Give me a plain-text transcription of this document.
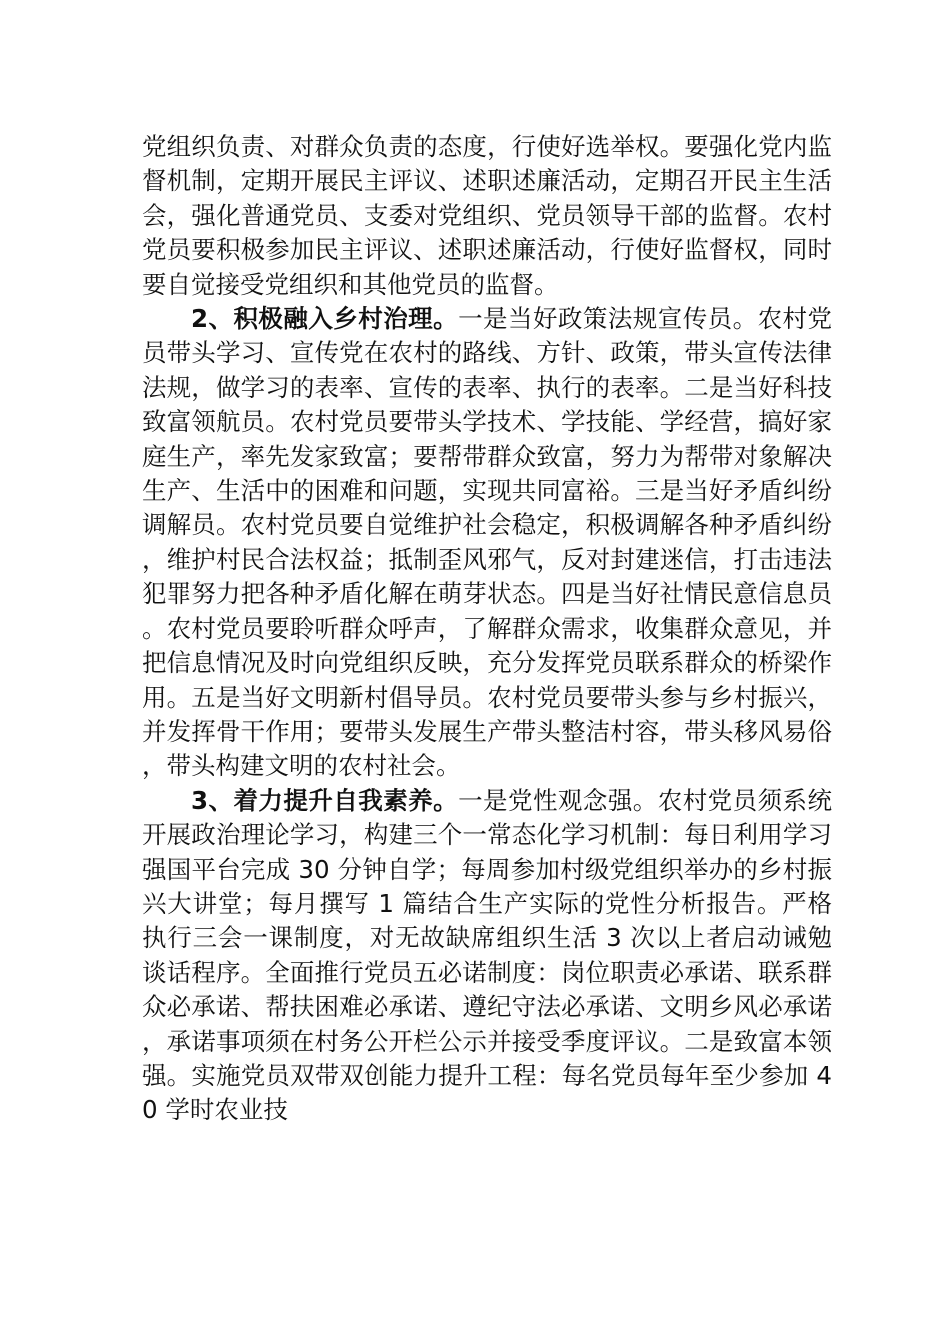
党组织负责、对群众负责的态度，行使好选举权。要强化党内监督机制，定期开展民主评议、述职述廉活动，定期召开民主生活会，强化普通党员、支委对党组织、党员领导干部的监督。农村党员要积极参加民主评议、述职述廉活动，行使好监督权，同时要自觉接受党组织和其他党员的监督。

2、积极融入乡村治理。一是当好政策法规宣传员。农村党员带头学习、宣传党在农村的路线、方针、政策，带头宣传法律法规，做学习的表率、宣传的表率、执行的表率。二是当好科技致富领航员。农村党员要带头学技术、学技能、学经营，搞好家庭生产，率先发家致富；要帮带群众致富，努力为帮带对象解决生产、生活中的困难和问题，实现共同富裕。三是当好矛盾纠纷调解员。农村党员要自觉维护社会稳定，积极调解各种矛盾纠纷，维护村民合法权益；抵制歪风邪气，反对封建迷信，打击违法犯罪努力把各种矛盾化解在萌芽状态。四是当好社情民意信息员。农村党员要聆听群众呼声，了解群众需求，收集群众意见，并把信息情况及时向党组织反映，充分发挥党员联系群众的桥梁作用。五是当好文明新村倡导员。农村党员要带头参与乡村振兴，并发挥骨干作用；要带头发展生产带头整洁村容，带头移风易俗，带头构建文明的农村社会。

3、着力提升自我素养。一是党性观念强。农村党员须系统开展政治理论学习，构建三个一常态化学习机制：每日利用学习强国平台完成 30 分钟自学；每周参加村级党组织举办的乡村振兴大讲堂；每月撰写 1 篇结合生产实际的党性分析报告。严格执行三会一课制度，对无故缺席组织生活 3 次以上者启动诫勉谈话程序。全面推行党员五必诺制度：岗位职责必承诺、联系群众必承诺、帮扶困难必承诺、遵纪守法必承诺、文明乡风必承诺，承诺事项须在村务公开栏公示并接受季度评议。二是致富本领强。实施党员双带双创能力提升工程：每名党员每年至少参加 40 学时农业技
